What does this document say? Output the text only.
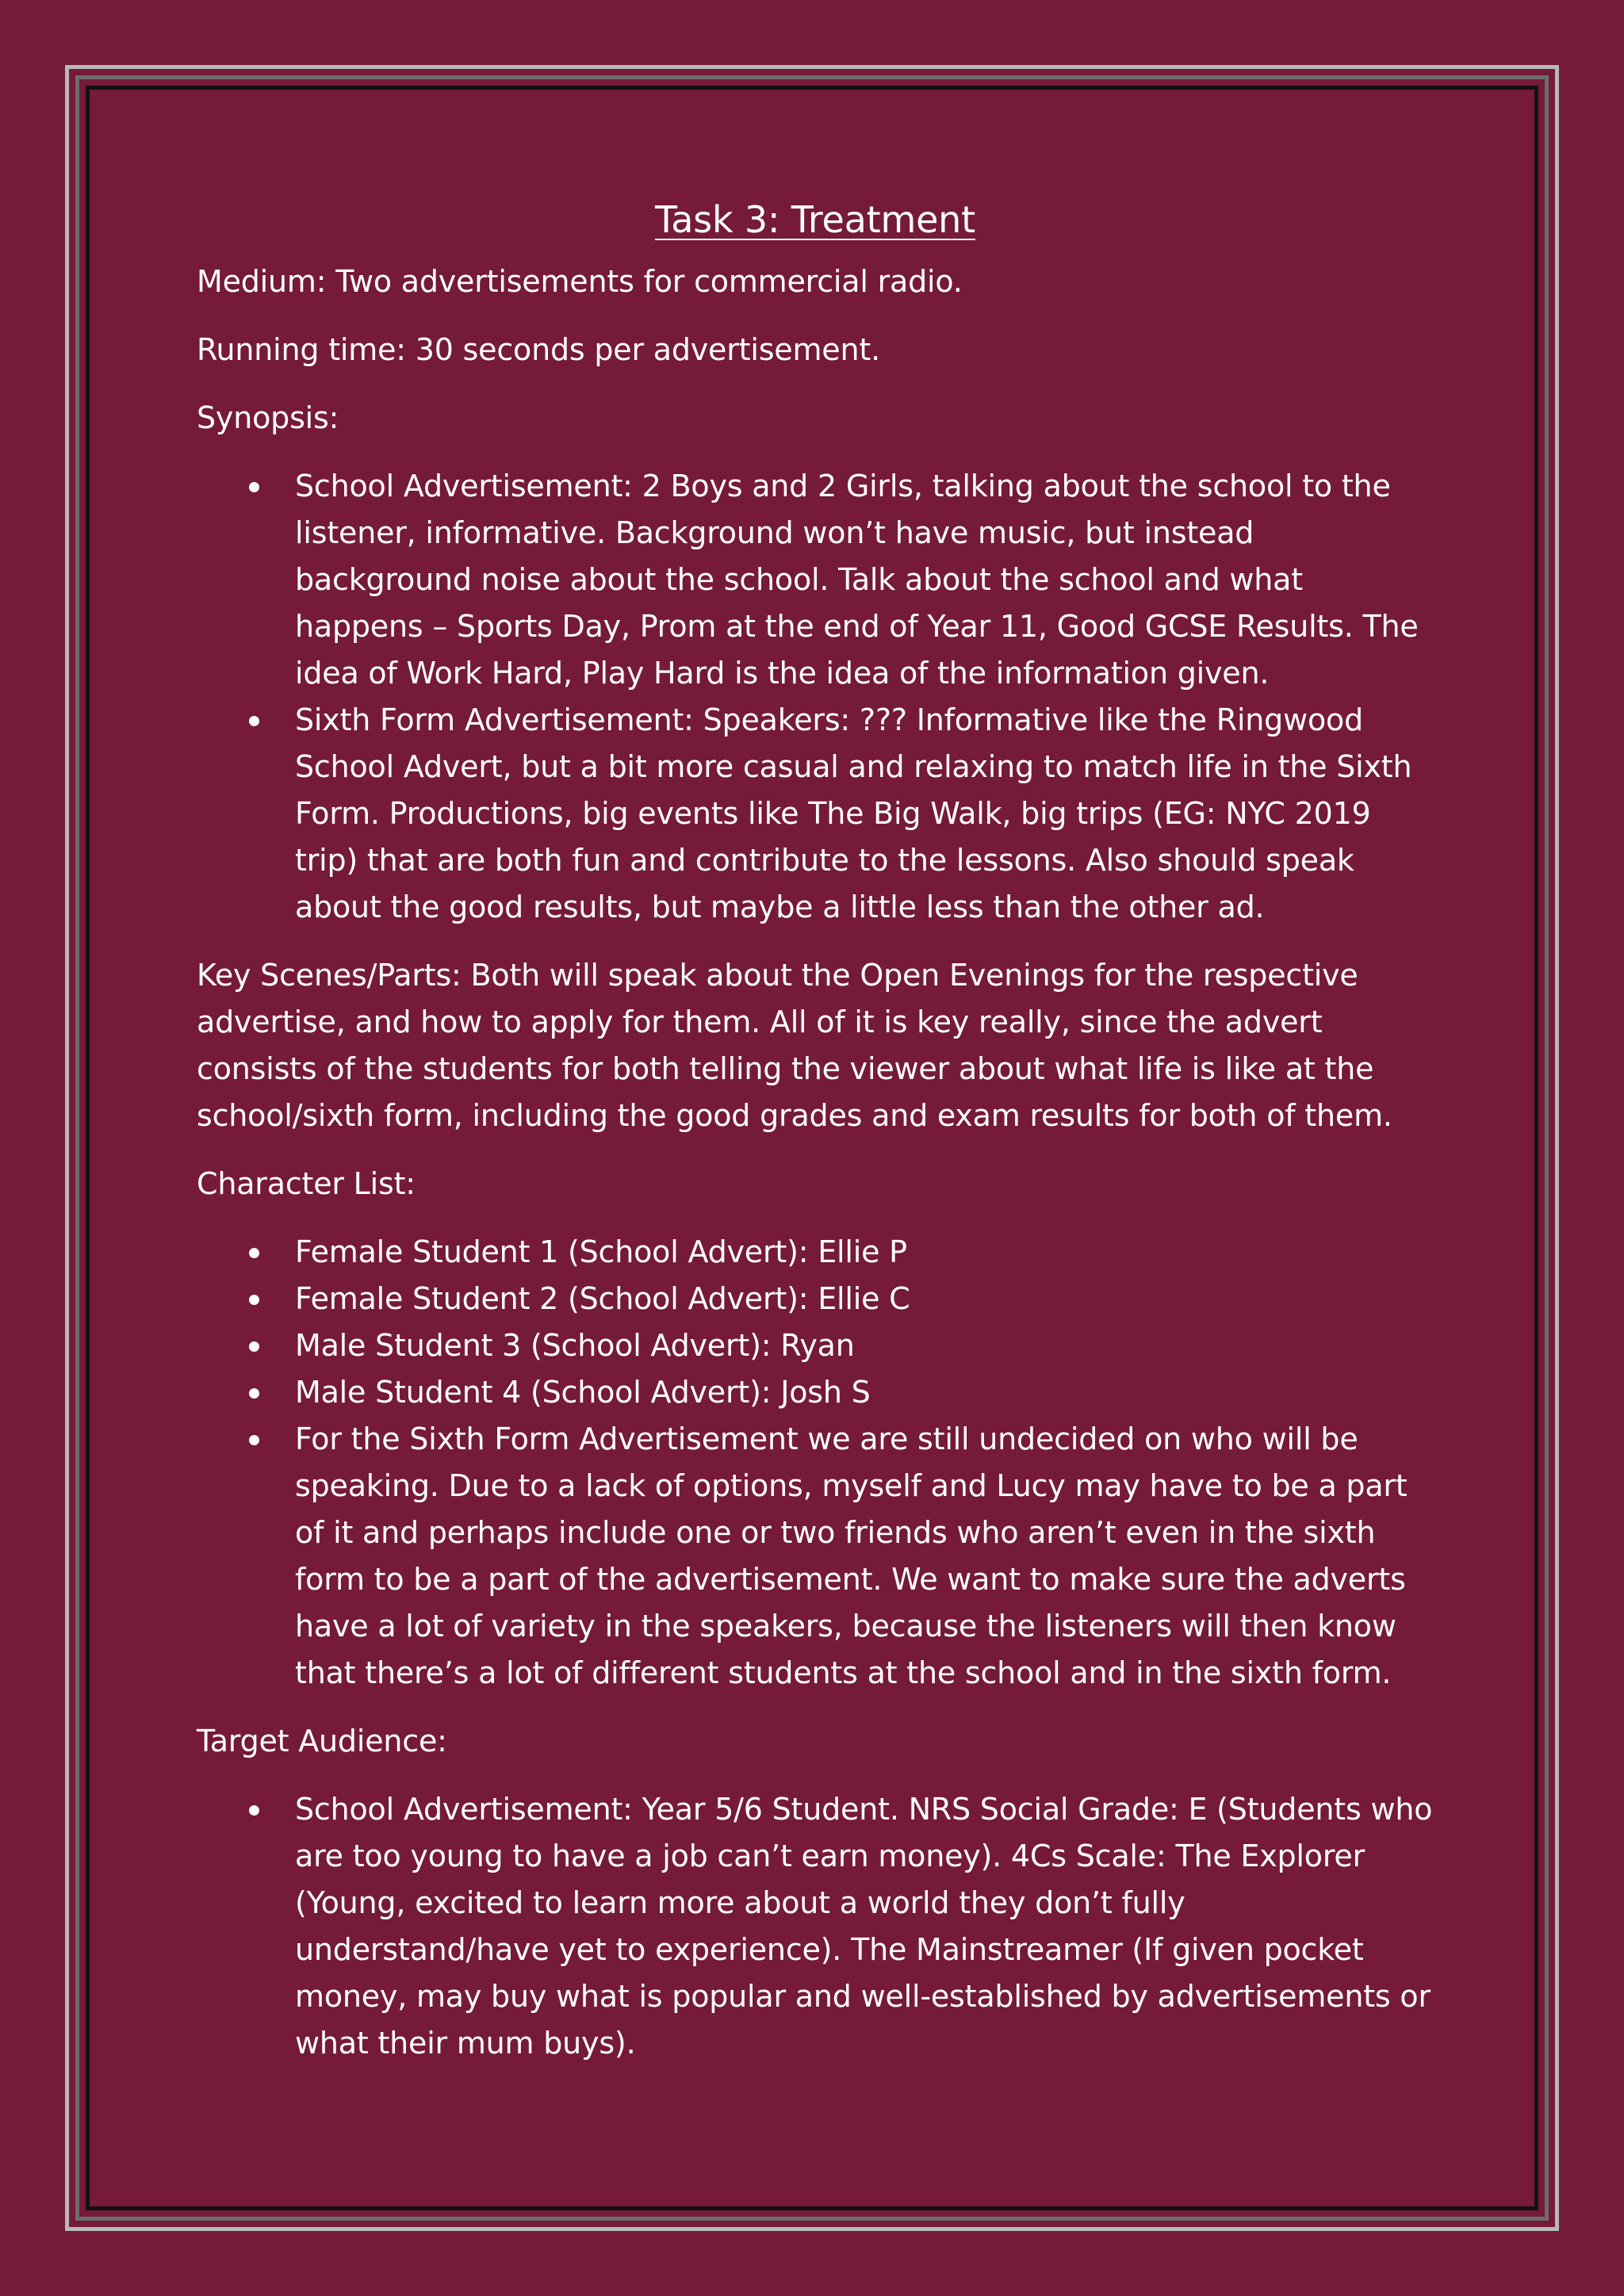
Task 3: Treatment

Medium: Two advertisements for commercial radio.

Running time: 30 seconds per advertisement.

Synopsis:

School Advertisement: 2 Boys and 2 Girls, talking about the school to the listener, informative. Background won’t have music, but instead background noise about the school. Talk about the school and what happens – Sports Day, Prom at the end of Year 11, Good GCSE Results. The idea of Work Hard, Play Hard is the idea of the information given.
Sixth Form Advertisement: Speakers: ??? Informative like the Ringwood School Advert, but a bit more casual and relaxing to match life in the Sixth Form. Productions, big events like The Big Walk, big trips (EG: NYC 2019 trip) that are both fun and contribute to the lessons. Also should speak about the good results, but maybe a little less than the other ad.

Key Scenes/Parts: Both will speak about the Open Evenings for the respective advertise, and how to apply for them. All of it is key really, since the advert consists of the students for both telling the viewer about what life is like at the school/sixth form, including the good grades and exam results for both of them.

Character List:

Female Student 1 (School Advert): Ellie P
Female Student 2 (School Advert): Ellie C
Male Student 3 (School Advert): Ryan
Male Student 4 (School Advert): Josh S
For the Sixth Form Advertisement we are still undecided on who will be speaking. Due to a lack of options, myself and Lucy may have to be a part of it and perhaps include one or two friends who aren’t even in the sixth form to be a part of the advertisement. We want to make sure the adverts have a lot of variety in the speakers, because the listeners will then know that there’s a lot of different students at the school and in the sixth form.

Target Audience:

School Advertisement: Year 5/6 Student. NRS Social Grade: E (Students who are too young to have a job can’t earn money). 4Cs Scale: The Explorer (Young, excited to learn more about a world they don’t fully understand/have yet to experience). The Mainstreamer (If given pocket money, may buy what is popular and well-established by advertisements or what their mum buys).
